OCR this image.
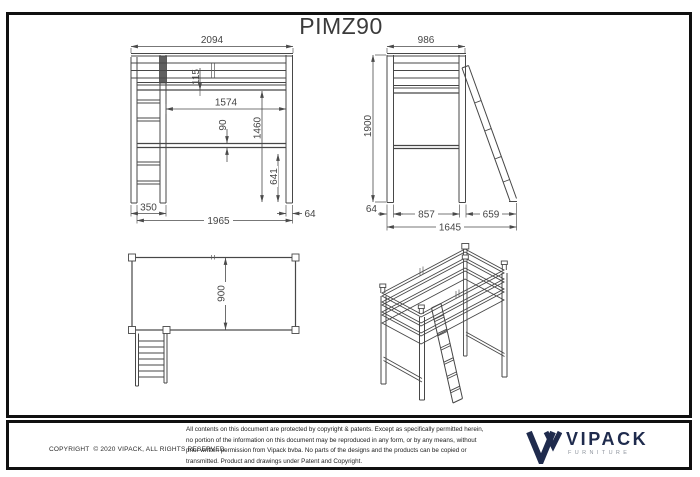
PIMZ90
2094
115
1574
1460
90
641
350
1965
64
986
1900
64	857	659
1645
900
COPYRIGHT  © 2020 VIPACK, ALL RIGHTS RESERVED
All contents on this document are protected by copyright & patents. Except as specifically permitted herein,
no portion of the information on this document may be reproduced in any form, or by any means, without
prior written permission from Vipack bvba. No parts of the designs and the products can be copied or
transmitted. Product and drawings under Patent and Copyright.
VIPACK
FURNITURE
